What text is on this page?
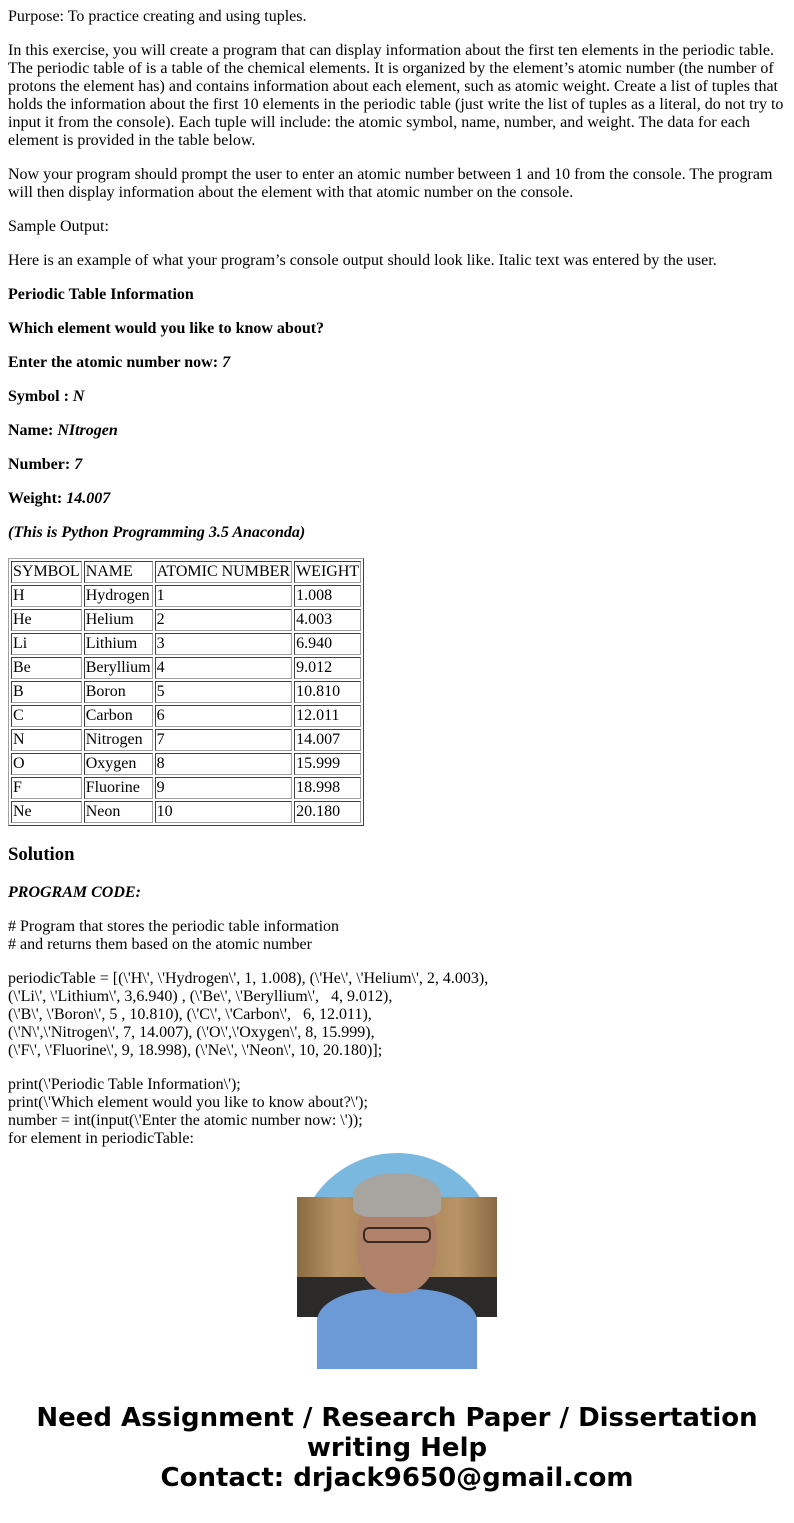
Purpose: To practice creating and using tuples.

In this exercise, you will create a program that can display information about the first ten elements in the periodic table. The periodic table of is a table of the chemical elements. It is organized by the element’s atomic number (the number of protons the element has) and contains information about each element, such as atomic weight. Create a list of tuples that holds the information about the first 10 elements in the periodic table (just write the list of tuples as a literal, do not try to input it from the console). Each tuple will include: the atomic symbol, name, number, and weight. The data for each element is provided in the table below.

Now your program should prompt the user to enter an atomic number between 1 and 10 from the console. The program will then display information about the element with that atomic number on the console.

Sample Output:

Here is an example of what your program’s console output should look like. Italic text was entered by the user.

Periodic Table Information

Which element would you like to know about?

Enter the atomic number now: 7

Symbol : N

Name: NItrogen

Number: 7

Weight: 14.007

(This is Python Programming 3.5 Anaconda)

SYMBOL	NAME	ATOMIC NUMBER	WEIGHT
H	Hydrogen	1	1.008
He	Helium	2	4.003
Li	Lithium	3	6.940
Be	Beryllium	4	9.012
B	Boron	5	10.810
C	Carbon	6	12.011
N	Nitrogen	7	14.007
O	Oxygen	8	15.999
F	Fluorine	9	18.998
Ne	Neon	10	20.180
Solution

PROGRAM CODE:

# Program that stores the periodic table information
# and returns them based on the atomic number
periodicTable = [(\'H\', \'Hydrogen\', 1, 1.008), (\'He\', \'Helium\', 2, 4.003),
(\'Li\', \'Lithium\', 3,6.940) , (\'Be\', \'Beryllium\',   4, 9.012),
(\'B\', \'Boron\', 5 , 10.810), (\'C\', \'Carbon\',   6, 12.011),
(\'N\',\'Nitrogen\', 7, 14.007), (\'O\',\'Oxygen\', 8, 15.999),
(\'F\', \'Fluorine\', 9, 18.998), (\'Ne\', \'Neon\', 10, 20.180)];
print(\'Periodic Table Information\');
print(\'Which element would you like to know about?\');
number = int(input(\'Enter the atomic number now: \'));
for element in periodicTable:
Need Assignment / Research Paper / Dissertation
writing Help
Contact: drjack9650@gmail.com
